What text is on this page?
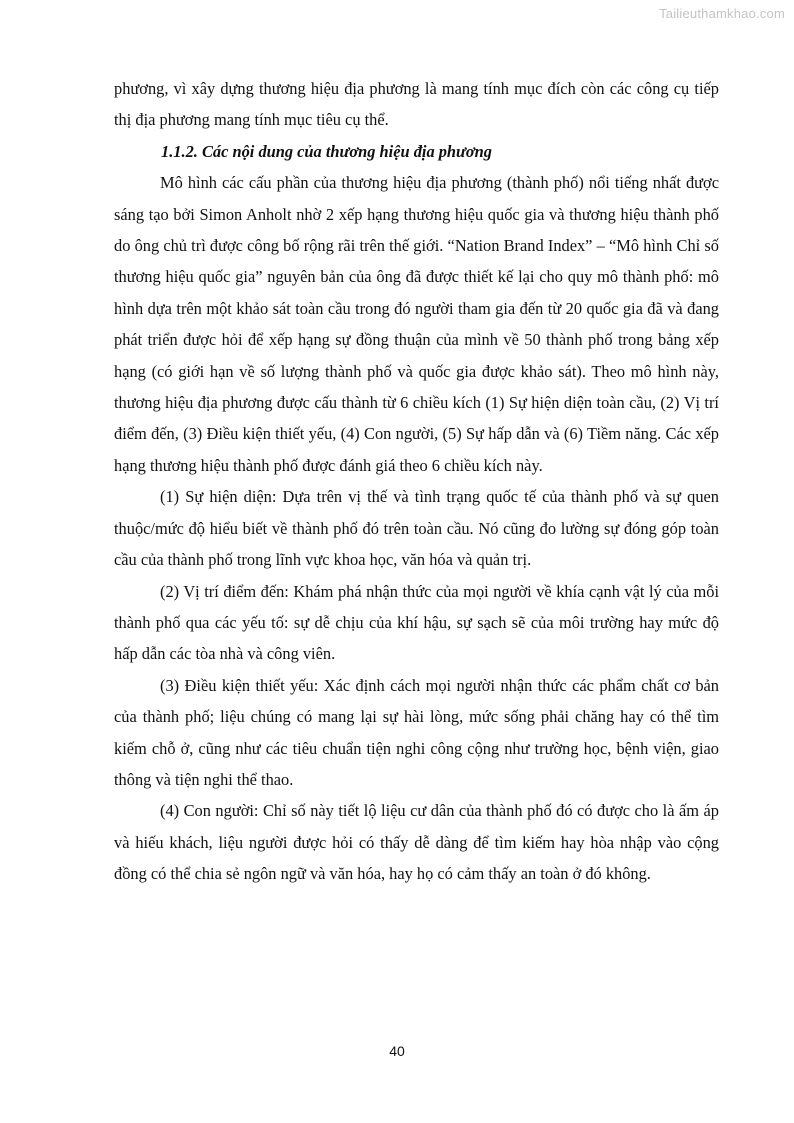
Tailieuthamkhao.com

phương, vì xây dựng thương hiệu địa phương là mang tính mục đích còn các công cụ tiếp thị địa phương mang tính mục tiêu cụ thể.

1.1.2. Các nội dung của thương hiệu địa phương

Mô hình các cấu phần của thương hiệu địa phương (thành phố) nổi tiếng nhất được sáng tạo bởi Simon Anholt nhờ 2 xếp hạng thương hiệu quốc gia và thương hiệu thành phố do ông chủ trì được công bố rộng rãi trên thế giới. “Nation Brand Index” – “Mô hình Chỉ số thương hiệu quốc gia” nguyên bản của ông đã được thiết kế lại cho quy mô thành phố: mô hình dựa trên một khảo sát toàn cầu trong đó người tham gia đến từ 20 quốc gia đã và đang phát triển được hỏi để xếp hạng sự đồng thuận của mình về 50 thành phố trong bảng xếp hạng (có giới hạn về số lượng thành phố và quốc gia được khảo sát). Theo mô hình này, thương hiệu địa phương được cấu thành từ 6 chiều kích (1) Sự hiện diện toàn cầu, (2) Vị trí điểm đến, (3) Điều kiện thiết yếu, (4) Con người, (5) Sự hấp dẫn và (6) Tiềm năng. Các xếp hạng thương hiệu thành phố được đánh giá theo 6 chiều kích này.

(1) Sự hiện diện: Dựa trên vị thế và tình trạng quốc tế của thành phố và sự quen thuộc/mức độ hiểu biết về thành phố đó trên toàn cầu. Nó cũng đo lường sự đóng góp toàn cầu của thành phố trong lĩnh vực khoa học, văn hóa và quản trị.

(2) Vị trí điểm đến: Khám phá nhận thức của mọi người về khía cạnh vật lý của mỗi thành phố qua các yếu tố: sự dễ chịu của khí hậu, sự sạch sẽ của môi trường hay mức độ hấp dẫn các tòa nhà và công viên.

(3) Điều kiện thiết yếu: Xác định cách mọi người nhận thức các phẩm chất cơ bản của thành phố; liệu chúng có mang lại sự hài lòng, mức sống phải chăng hay có thể tìm kiếm chỗ ở, cũng như các tiêu chuẩn tiện nghi công cộng như trường học, bệnh viện, giao thông và tiện nghi thể thao.

(4) Con người: Chỉ số này tiết lộ liệu cư dân của thành phố đó có được cho là ấm áp và hiếu khách, liệu người được hỏi có thấy dễ dàng để tìm kiếm hay hòa nhập vào cộng đồng có thể chia sẻ ngôn ngữ và văn hóa, hay họ có cảm thấy an toàn ở đó không.

40
